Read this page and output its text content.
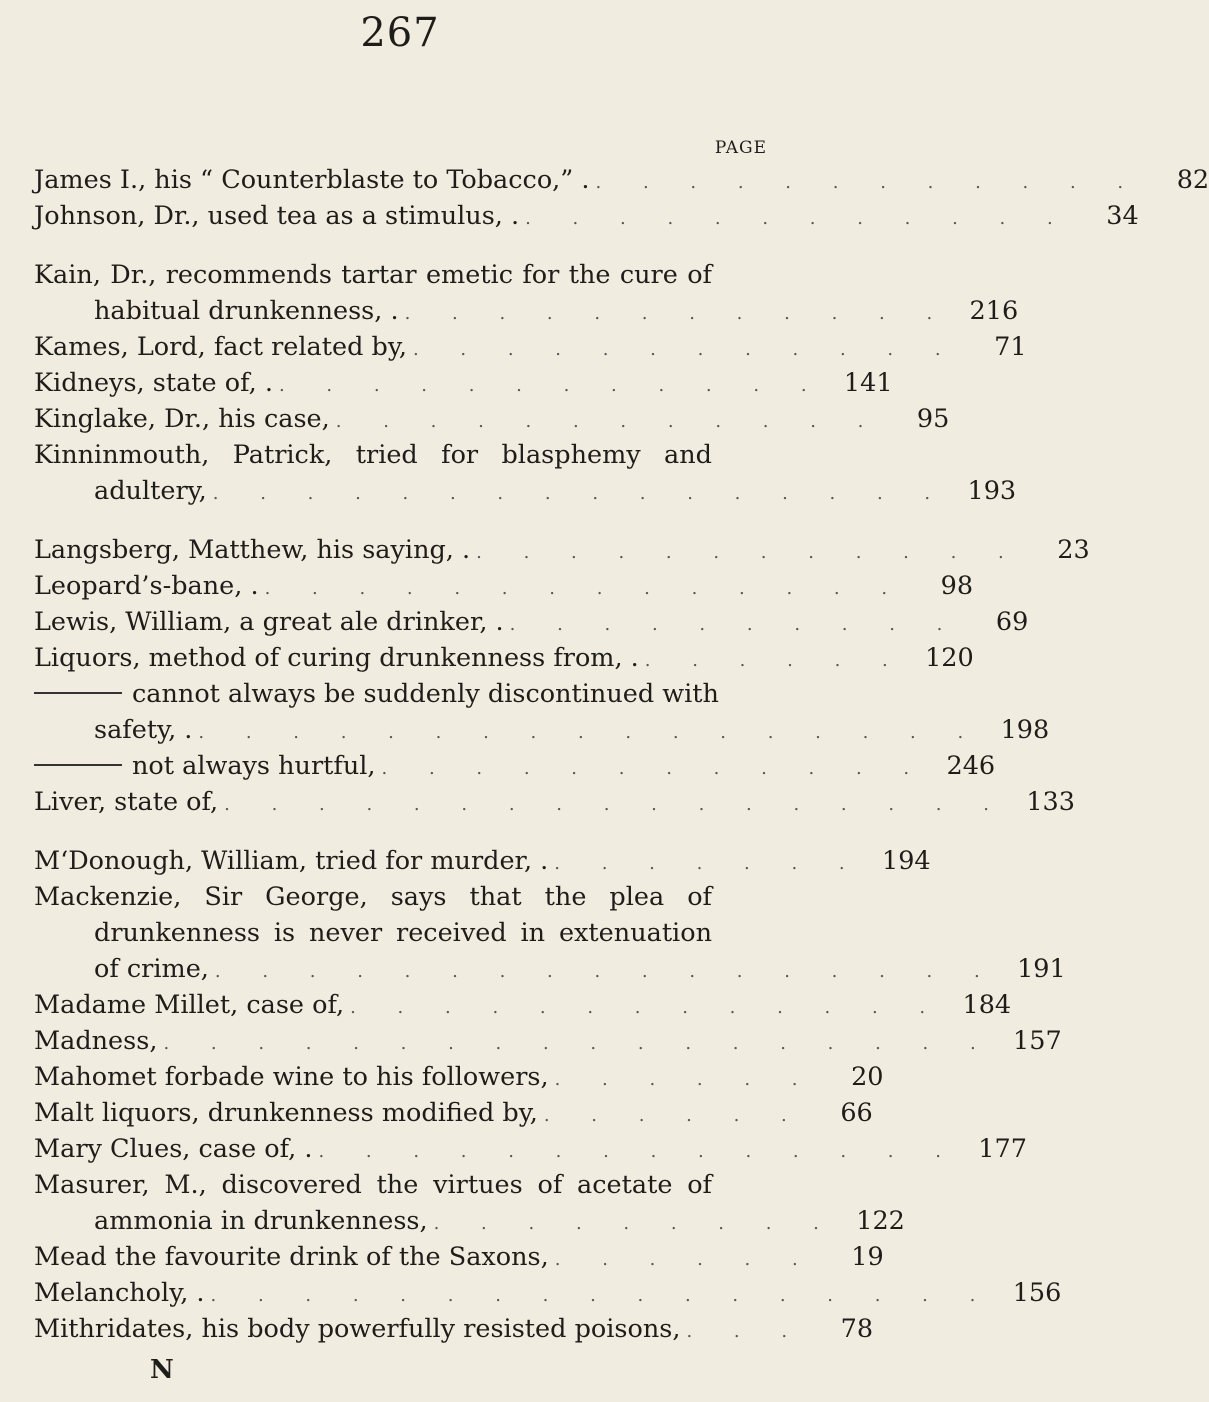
267
PAGE
James I., his “ Counterblaste to Tobacco,” . . . . . . . . . . . . .	82
Johnson, Dr., used tea as a stimulus, . . . . . . . . . . . . .	34
Kain, Dr., recommends tartar emetic for the cure of
habitual drunkenness, . . . . . . . . . . . . . 216
Kames, Lord, fact related by, . . . . . . . . . . . .	71
Kidneys, state of, . . . . . . . . . . . . . 141
Kinglake, Dr., his case, . . . . . . . . . . . .	95
Kinninmouth, Patrick, tried for blasphemy and
adultery, . . . . . . . . . . . . . . . . 193
Langsberg, Matthew, his saying, . . . . . . . . . . . . .	23
Leopard’s-bane, . . . . . . . . . . . . . . .	98
Lewis, William, a great ale drinker, . . . . . . . . . . .	69
Liquors, method of curing drunkenness from, . . . . . . . 120
cannot always be suddenly discontinued with
safety, . . . . . . . . . . . . . . . . . . 198
not always hurtful, . . . . . . . . . . . . 246
Liver, state of, . . . . . . . . . . . . . . . . . 133
M‘Donough, William, tried for murder, . . . . . . . . 194
Mackenzie, Sir George, says that the plea of
drunkenness is never received in extenuation
of crime, . . . . . . . . . . . . . . . . . 191
Madame Millet, case of, . . . . . . . . . . . . . 184
Madness, . . . . . . . . . . . . . . . . . . 157
Mahomet forbade wine to his followers, . . . . . .	20
Malt liquors, drunkenness modified by, . . . . . .	66
Mary Clues, case of, . . . . . . . . . . . . . . . 177
Masurer, M., discovered the virtues of acetate of
ammonia in drunkenness, . . . . . . . . . 122
Mead the favourite drink of the Saxons, . . . . . .	19
Melancholy, . . . . . . . . . . . . . . . . . . 156
Mithridates, his body powerfully resisted poisons, . . .	78
N
